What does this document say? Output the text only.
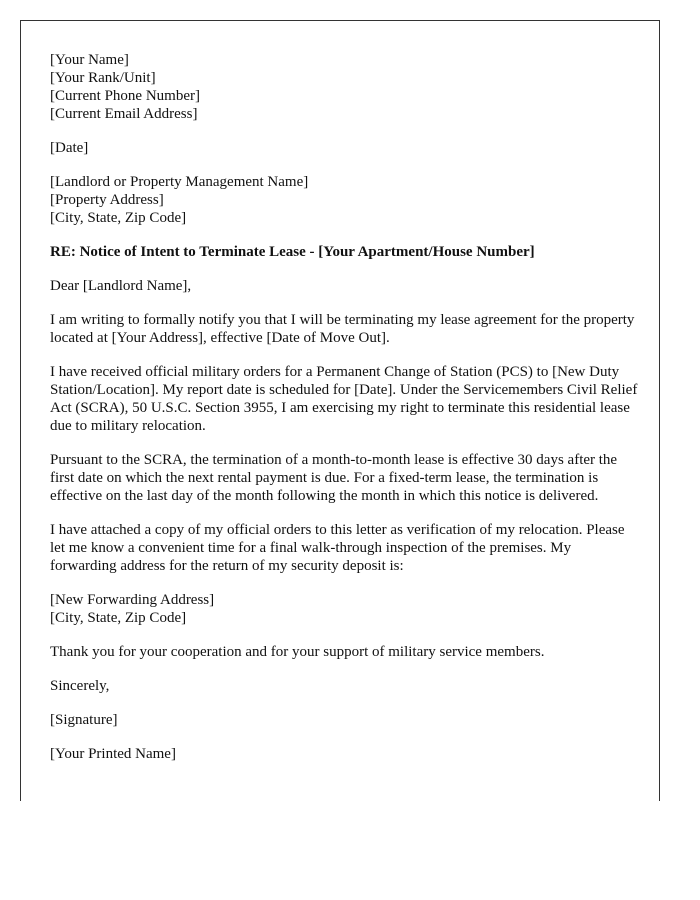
[Your Name]
[Your Rank/Unit]
[Current Phone Number]
[Current Email Address]
[Date]
[Landlord or Property Management Name]
[Property Address]
[City, State, Zip Code]
RE: Notice of Intent to Terminate Lease - [Your Apartment/House Number]
Dear [Landlord Name],

I am writing to formally notify you that I will be terminating my lease agreement for the property located at [Your Address], effective [Date of Move Out].

I have received official military orders for a Permanent Change of Station (PCS) to [New Duty Station/Location]. My report date is scheduled for [Date]. Under the Servicemembers Civil Relief Act (SCRA), 50 U.S.C. Section 3955, I am exercising my right to terminate this residential lease due to military relocation.

Pursuant to the SCRA, the termination of a month-to-month lease is effective 30 days after the first date on which the next rental payment is due. For a fixed-term lease, the termination is effective on the last day of the month following the month in which this notice is delivered.

I have attached a copy of my official orders to this letter as verification of my relocation. Please let me know a convenient time for a final walk-through inspection of the premises. My forwarding address for the return of my security deposit is:

[New Forwarding Address]
[City, State, Zip Code]
Thank you for your cooperation and for your support of military service members.
Sincerely,
[Signature]
[Your Printed Name]
